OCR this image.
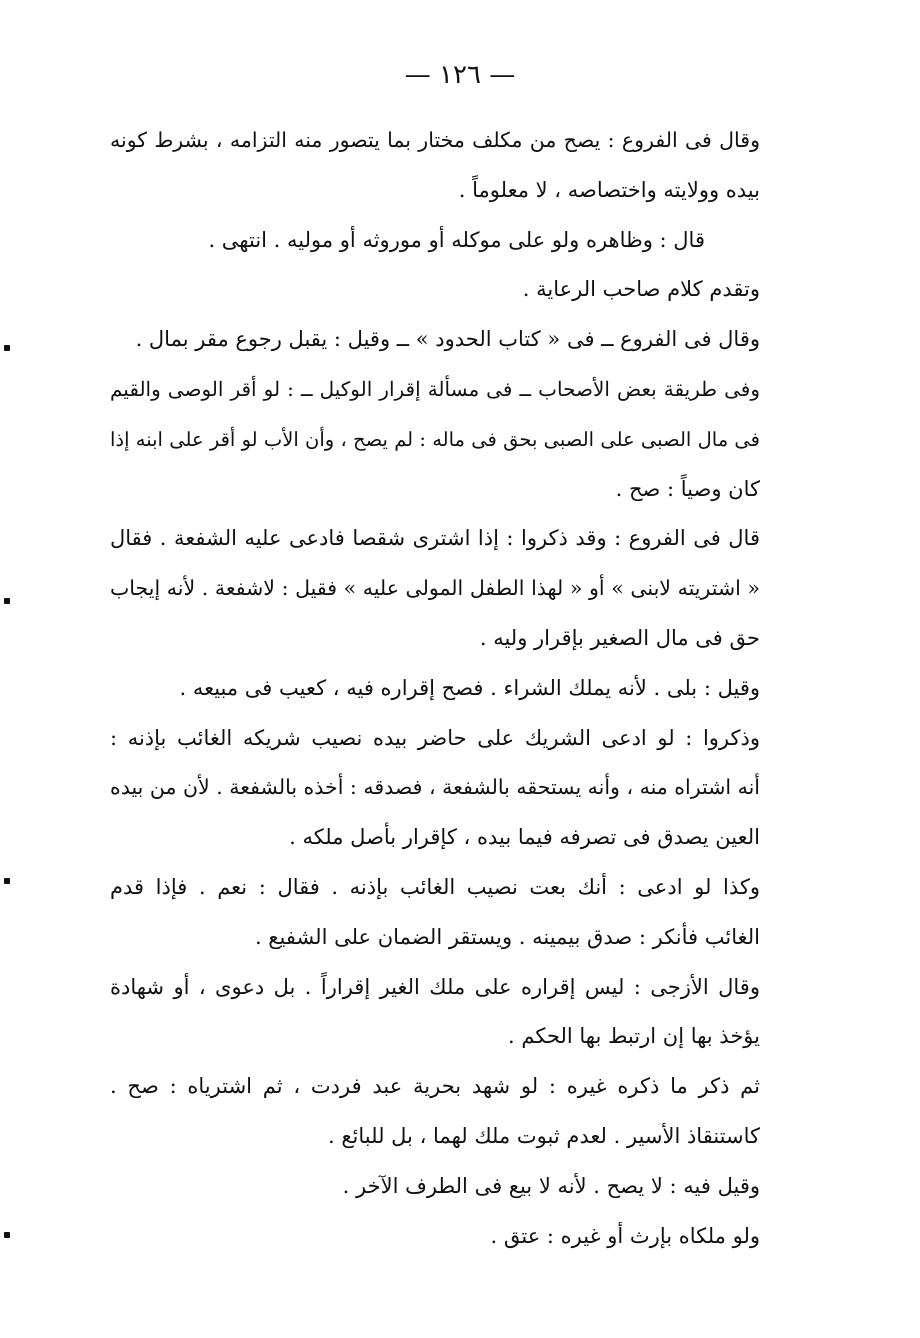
— ١٢٦ —
وقال فى الفروع : يصح من مكلف مختار بما يتصور منه التزامه ، بشرط كونه
بيده وولايته واختصاصه ، لا معلوماً .
قال : وظاهره ولو على موكله أو موروثه أو موليه . انتهى .
وتقدم كلام صاحب الرعاية .
وقال فى الفروع ــ فى « كتاب الحدود » ــ وقيل : يقبل رجوع مقر بمال .
وفى طريقة بعض الأصحاب ــ فى مسألة إقرار الوكيل ــ : لو أقر الوصى والقيم
فى مال الصبى على الصبى بحق فى ماله : لم يصح ، وأن الأب لو أقر على ابنه إذا
كان وصياً : صح .
قال فى الفروع : وقد ذكروا : إذا اشترى شقصا فادعى عليه الشفعة . فقال
« اشتريته لابنى » أو « لهذا الطفل المولى عليه » فقيل : لاشفعة . لأنه إيجاب
حق فى مال الصغير بإقرار وليه .
وقيل : بلى . لأنه يملك الشراء . فصح إقراره فيه ، كعيب فى مبيعه .
وذكروا : لو ادعى الشريك على حاضر بيده نصيب شريكه الغائب بإذنه :
أنه اشتراه منه ، وأنه يستحقه بالشفعة ، فصدقه : أخذه بالشفعة . لأن من بيده
العين يصدق فى تصرفه فيما بيده ، كإقرار بأصل ملكه .
وكذا لو ادعى : أنك بعت نصيب الغائب بإذنه . فقال : نعم . فإذا قدم
الغائب فأنكر : صدق بيمينه . ويستقر الضمان على الشفيع .
وقال الأزجى : ليس إقراره على ملك الغير إقراراً . بل دعوى ، أو شهادة
يؤخذ بها إن ارتبط بها الحكم .
ثم ذكر ما ذكره غيره : لو شهد بحرية عبد فردت ، ثم اشترياه : صح .
كاستنقاذ الأسير . لعدم ثبوت ملك لهما ، بل للبائع .
وقيل فيه : لا يصح . لأنه لا بيع فى الطرف الآخر .
ولو ملكاه بإرث أو غيره : عتق .
